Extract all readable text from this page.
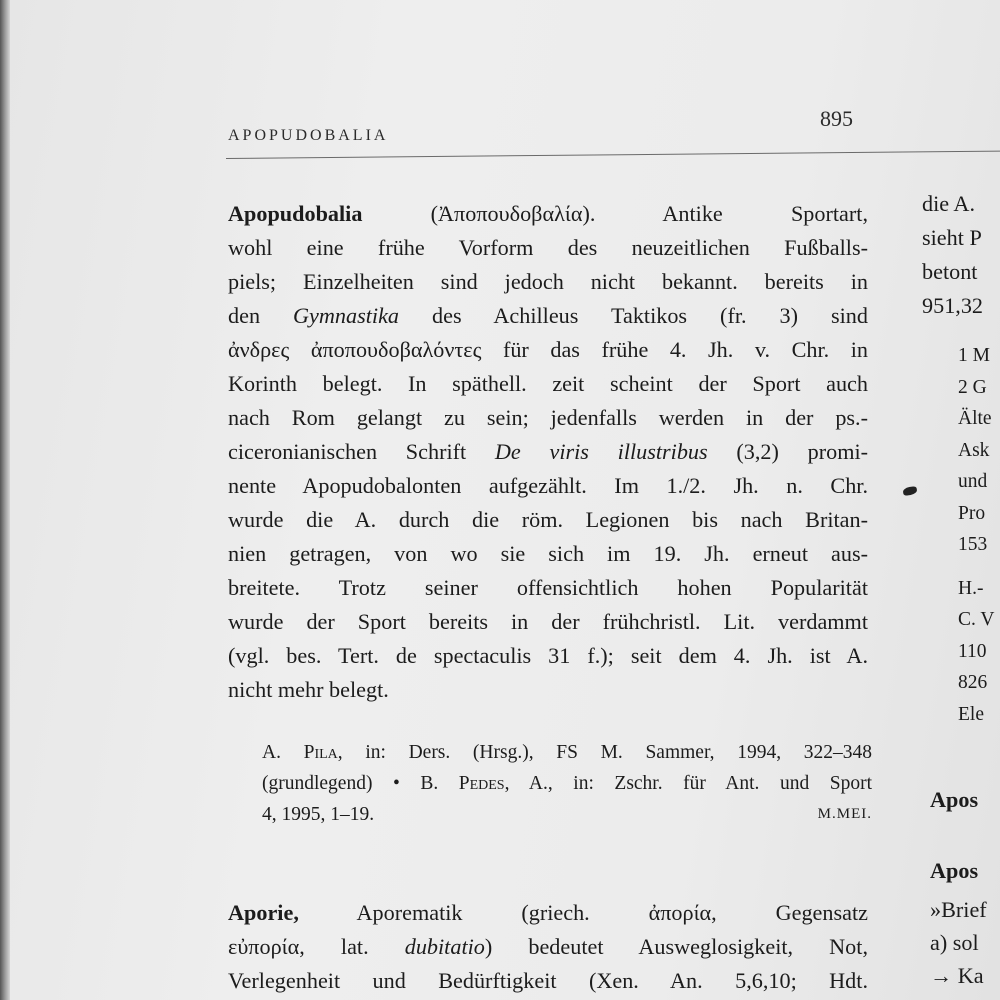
APOPUDOBALIA
895
Apopudobalia (Ἀποπουδοβαλία). Antike Sportart,
wohl eine frühe Vorform des neuzeitlichen Fußballs-
piels; Einzelheiten sind jedoch nicht bekannt. bereits in
den Gymnastika des Achilleus Taktikos (fr. 3) sind
ἀνδρες ἀποπουδοβαλόντες für das frühe 4. Jh. v. Chr. in
Korinth belegt. In späthell. zeit scheint der Sport auch
nach Rom gelangt zu sein; jedenfalls werden in der ps.-
ciceronianischen Schrift De viris illustribus (3,2) promi-
nente Apopudobalonten aufgezählt. Im 1./2. Jh. n. Chr.
wurde die A. durch die röm. Legionen bis nach Britan-
nien getragen, von wo sie sich im 19. Jh. erneut aus-
breitete. Trotz seiner offensichtlich hohen Popularität
wurde der Sport bereits in der frühchristl. Lit. verdammt
(vgl. bes. Tert. de spectaculis 31 f.); seit dem 4. Jh. ist A.
nicht mehr belegt.
A. Pila, in: Ders. (Hrsg.), FS M. Sammer, 1994, 322–348
(grundlegend) • B. Pedes, A., in: Zschr. für Ant. und Sport
4, 1995, 1–19.	M.MEI.
Aporie, Aporematik (griech. ἀπορία, Gegensatz
εὐπορία, lat. dubitatio) bedeutet Ausweglosigkeit, Not,
Verlegenheit und Bedürftigkeit (Xen. An. 5,6,10; Hdt.
die A.
sieht P
betont
951,32
1 M
2 G
Älte
Ask
und
Pro
153
H.-
C. V
110
826
Ele
Apos
Apos
»Brief
a) sol
→ Ka
